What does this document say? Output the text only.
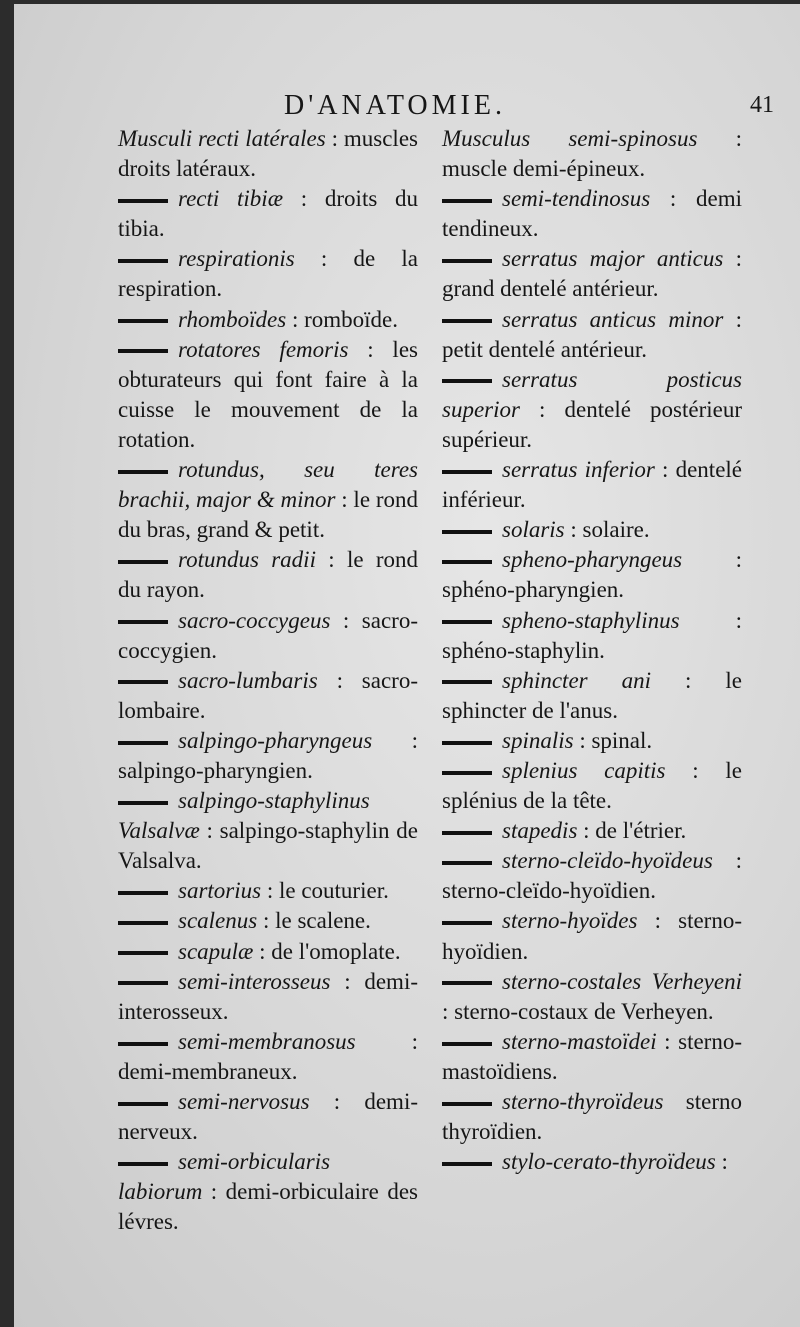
D'ANATOMIE.	41

Musculi recti latérales : muscles droits latéraux.

recti tibiæ : droits du tibia.

respirationis : de la respiration.

rhomboïdes : romboïde.

rotatores femoris : les obturateurs qui font faire à la cuisse le mouvement de la rotation.

rotundus, seu teres brachii, major & minor : le rond du bras, grand & petit.

rotundus radii : le rond du rayon.

sacro-coccygeus : sacro-coccygien.

sacro-lumbaris : sacro-lombaire.

salpingo-pharyngeus : salpingo-pharyngien.

salpingo-staphylinus Valsalvæ : salpingo-staphylin de Valsalva.

sartorius : le couturier.

scalenus : le scalene.

scapulæ : de l'omoplate.

semi-interosseus : demi-interosseux.

semi-membranosus : demi-membraneux.

semi-nervosus : demi-nerveux.

semi-orbicularis labiorum : demi-orbiculaire des lévres.

Musculus semi-spinosus : muscle demi-épineux.

semi-tendinosus : demi tendineux.

serratus major anticus : grand dentelé antérieur.

serratus anticus minor : petit dentelé antérieur.

serratus posticus superior : dentelé postérieur supérieur.

serratus inferior : dentelé inférieur.

solaris : solaire.

spheno-pharyngeus : sphéno-pharyngien.

spheno-staphylinus : sphéno-staphylin.

sphincter ani : le sphincter de l'anus.

spinalis : spinal.

splenius capitis : le splénius de la tête.

stapedis : de l'étrier.

sterno-cleïdo-hyoïdeus : sterno-cleïdo-hyoïdien.

sterno-hyoïdes : sterno-hyoïdien.

sterno-costales Verheyeni : sterno-costaux de Verheyen.

sterno-mastoïdei : sterno-mastoïdiens.

sterno-thyroïdeus sterno thyroïdien.

stylo-cerato-thyroïdeus :
